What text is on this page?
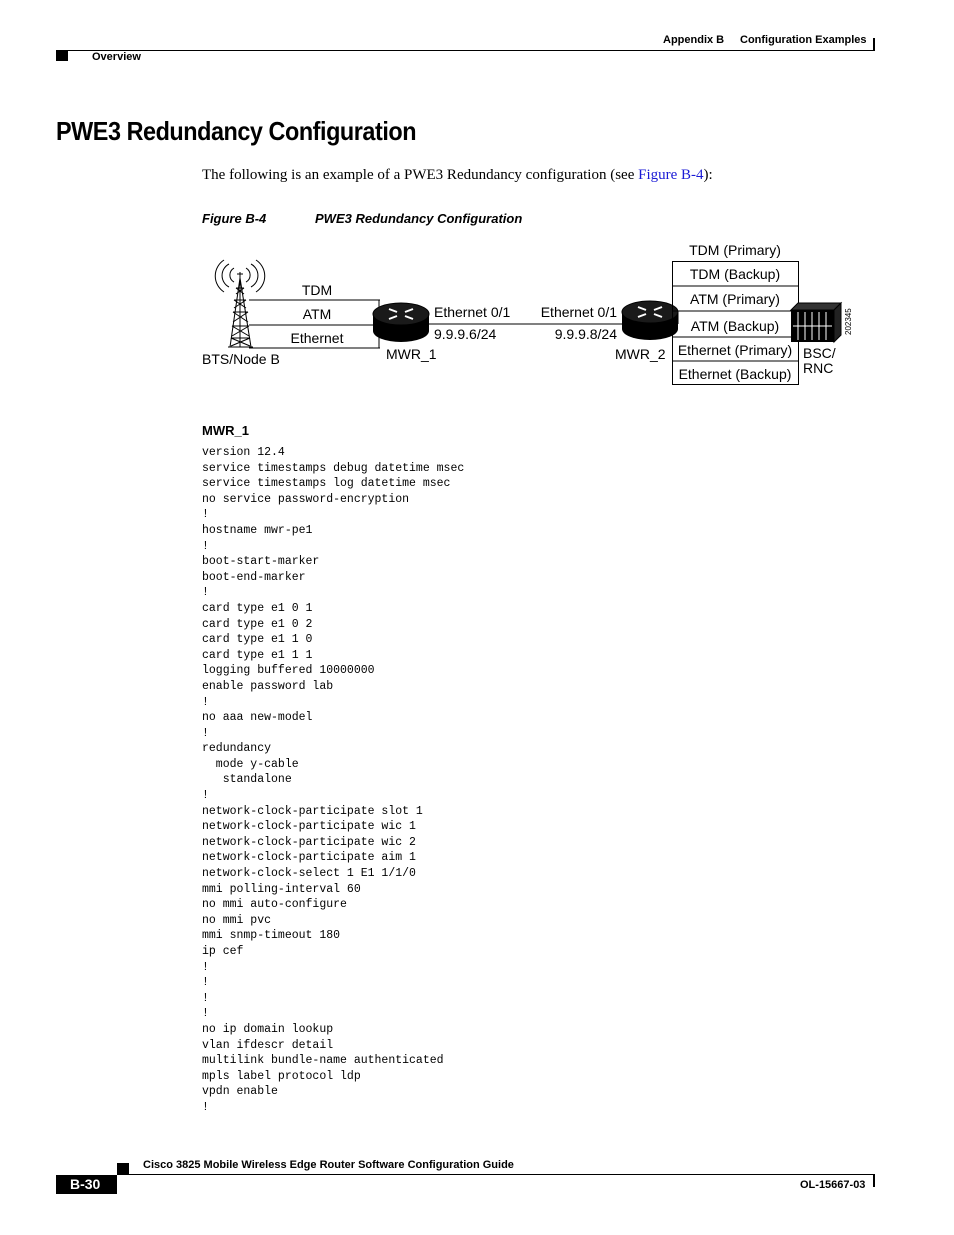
Appendix B Configuration Examples
Overview
PWE3 Redundancy Configuration
The following is an example of a PWE3 Redundancy configuration (see Figure B-4):
Figure B-4	PWE3 Redundancy Configuration
TDM
ATM
Ethernet
BTS/Node B	MWR_1
Ethernet 0/1
9.9.9.6/24
Ethernet 0/1
9.9.9.8/24
MWR_2
TDM (Primary)
TDM (Backup)
ATM (Primary)
ATM (Backup)
Ethernet (Primary)
Ethernet (Backup)
BSC/
RNC
202345
MWR_1
version 12.4
service timestamps debug datetime msec
service timestamps log datetime msec
no service password-encryption
!
hostname mwr-pe1
!
boot-start-marker
boot-end-marker
!
card type e1 0 1
card type e1 0 2
card type e1 1 0
card type e1 1 1
logging buffered 10000000
enable password lab
!
no aaa new-model
!
redundancy
mode y-cable
standalone
!
network-clock-participate slot 1
network-clock-participate wic 1
network-clock-participate wic 2
network-clock-participate aim 1
network-clock-select 1 E1 1/1/0
mmi polling-interval 60
no mmi auto-configure
no mmi pvc
mmi snmp-timeout 180
ip cef
!
!
!
!
no ip domain lookup
vlan ifdescr detail
multilink bundle-name authenticated
mpls label protocol ldp
vpdn enable
!
Cisco 3825 Mobile Wireless Edge Router Software Configuration Guide
B-30	OL-15667-03
